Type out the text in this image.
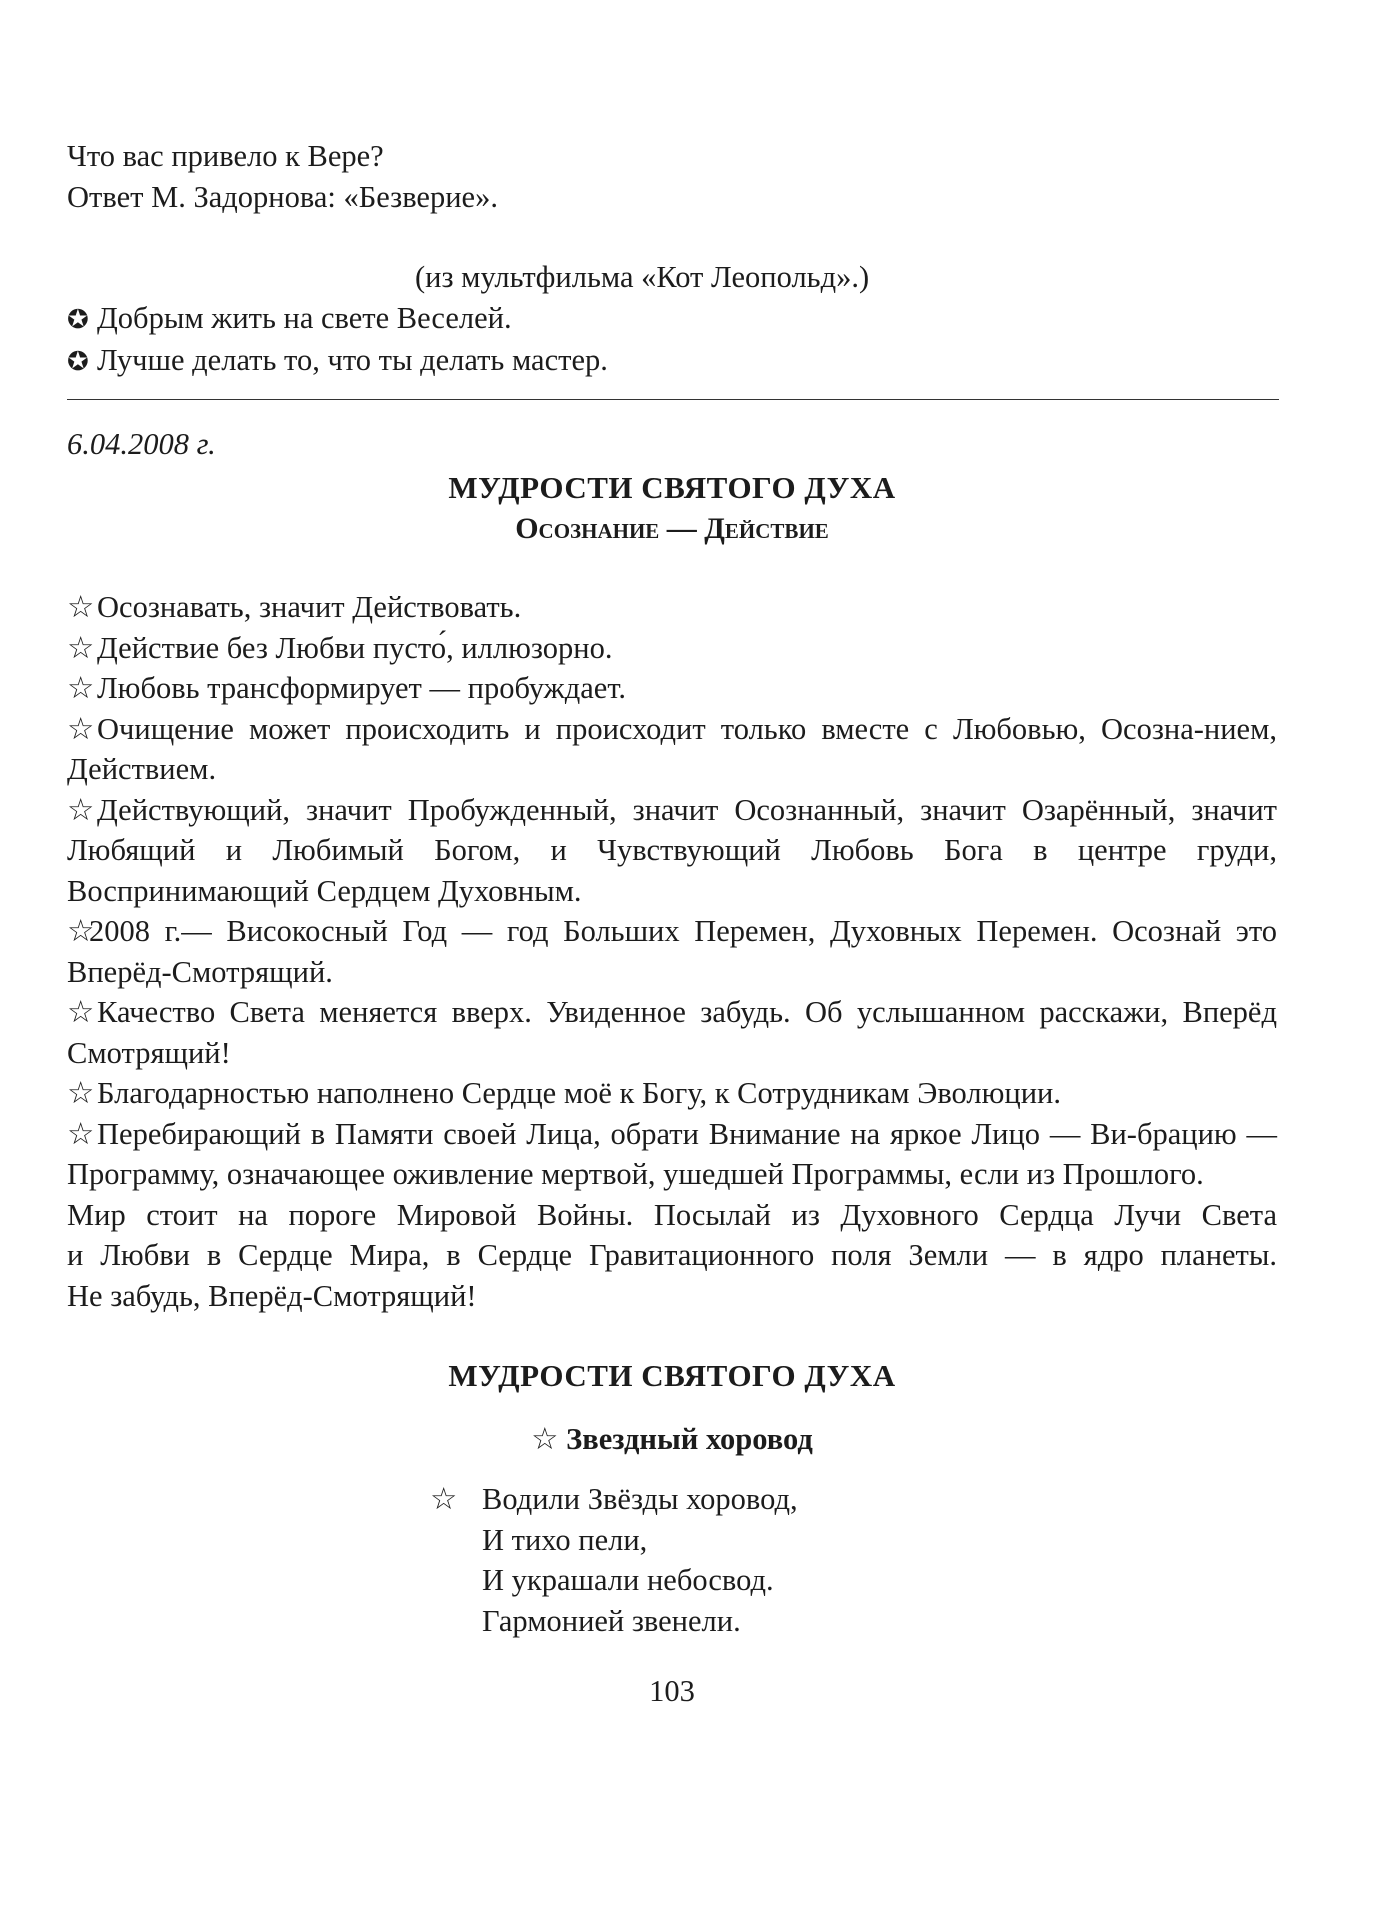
Что вас привело к Вере?
Ответ М. Задорнова: «Безверие».
(из мультфильма «Кот Леопольд».)
✪ Добрым жить на свете Веселей.
✪ Лучше делать то, что ты делать мастер.
6.04.2008 г.
МУДРОСТИ СВЯТОГО ДУХА
Осознание — Действие
☆Осознавать, значит Действовать.
☆Действие без Любви пусто́, иллюзорно.
☆Любовь трансформирует — пробуждает.
☆Очищение может происходить и происходит только вместе с Любовью, Осозна-нием, Действием.
☆Действующий, значит Пробужденный, значит Осознанный, значит Озарённый, значит Любящий и Любимый Богом, и Чувствующий Любовь Бога в центре груди, Воспринимающий Сердцем Духовным.
☆2008 г.— Високосный Год — год Больших Перемен, Духовных Перемен. Осознай это Вперёд-Смотрящий.
☆Качество Света меняется вверх. Увиденное забудь. Об услышанном расскажи, Вперёд Смотрящий!
☆Благодарностью наполнено Сердце моё к Богу, к Сотрудникам Эволюции.
☆Перебирающий в Памяти своей Лица, обрати Внимание на яркое Лицо — Ви-брацию — Программу, означающее оживление мертвой, ушедшей Программы, если из Прошлого.
Мир стоит на пороге Мировой Войны. Посылай из Духовного Сердца Лучи Света
и Любви в Сердце Мира, в Сердце Гравитационного поля Земли — в ядро планеты.
Не забудь, Вперёд-Смотрящий!
МУДРОСТИ СВЯТОГО ДУХА
☆ Звездный хоровод
☆ Водили Звёзды хоровод,
И тихо пели,
И украшали небосвод.
Гармонией звенели.
103
